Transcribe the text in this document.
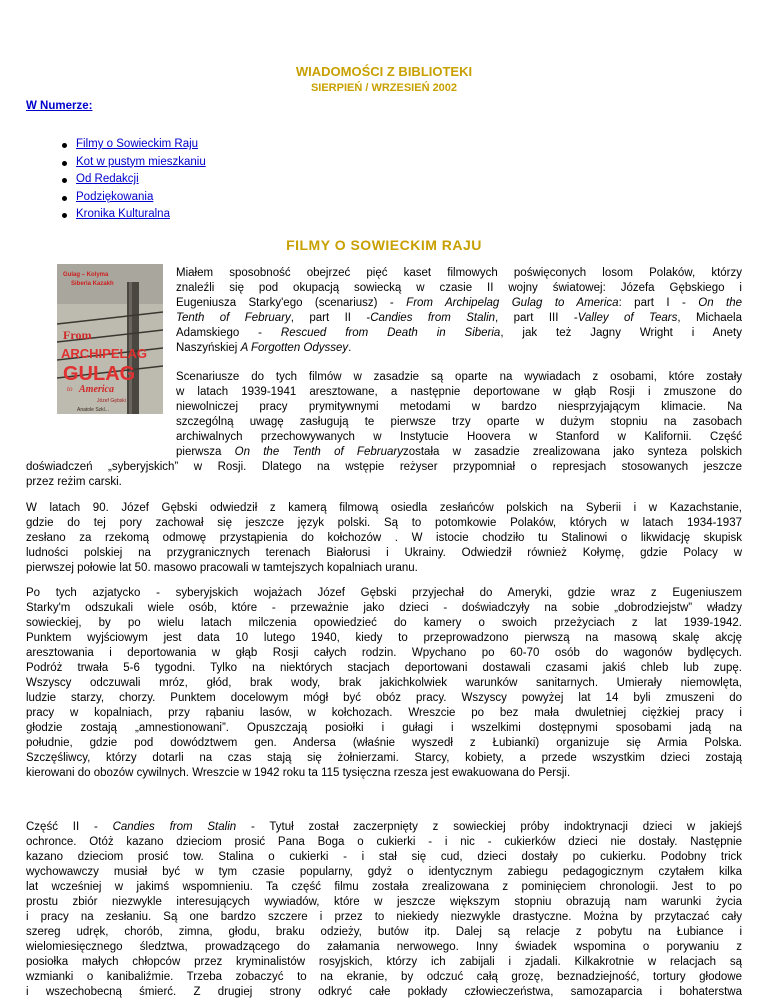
WIADOMOŚCI Z BIBLIOTEKI
SIERPIEŃ / WRZESIEŃ 2002
W Numerze:
Filmy o Sowieckim Raju
Kot w pustym mieszkaniu
Od Redakcji
Podziękowania
Kronika Kulturalna
FILMY O SOWIECKIM RAJU
Gulag – Kolyma
Siberia Kazakh
From
ARCHIPELAG
GULAG
to America
Józef Gębski
Anatole Szkl...
Miałem sposobność obejrzeć pięć kaset filmowych poświęconych losom Polaków, którzy
znaleźli się pod okupacją sowiecką w czasie II wojny światowej: Józefa Gębskiego i
Eugeniusza Starky'ego (scenariusz) - From Archipelag Gulag to America: part I - On the
Tenth of February, part II -Candies from Stalin, part III -Valley of Tears, Michaela
Adamskiego - Rescued from Death in Siberia, jak też Jagny Wright i Anety
Naszyńskiej A Forgotten Odyssey.
Scenariusze do tych filmów w zasadzie są oparte na wywiadach z osobami, które zostały
w latach 1939-1941 aresztowane, a następnie deportowane w głąb Rosji i zmuszone do
niewolniczej pracy prymitywnymi metodami w bardzo niesprzyjającym klimacie. Na
szczególną uwagę zasługują te pierwsze trzy oparte w dużym stopniu na zasobach
archiwalnych przechowywanych w Instytucie Hoovera w Stanford w Kalifornii. Część
pierwsza On the Tenth of Februaryzostała w zasadzie zrealizowana jako synteza polskich
doświadczeń „syberyjskich” w Rosji. Dlatego na wstępie reżyser przypomniał o represjach stosowanych jeszcze
przez reżim carski.
W latach 90. Józef Gębski odwiedził z kamerą filmową osiedla zesłańców polskich na Syberii i w Kazachstanie,
gdzie do tej pory zachował się jeszcze język polski. Są to potomkowie Polaków, których w latach 1934-1937
zesłano za rzekomą odmowę przystąpienia do kołchozów . W istocie chodziło tu Stalinowi o likwidację skupisk
ludności polskiej na przygranicznych terenach Białorusi i Ukrainy. Odwiedził również Kołymę, gdzie Polacy w
pierwszej połowie lat 50. masowo pracowali w tamtejszych kopalniach uranu.
Po tych azjatycko - syberyjskich wojażach Józef Gębski przyjechał do Ameryki, gdzie wraz z Eugeniuszem
Starky'm odszukali wiele osób, które - przeważnie jako dzieci - doświadczyły na sobie „dobrodziejstw” władzy
sowieckiej, by po wielu latach milczenia opowiedzieć do kamery o swoich przeżyciach z lat 1939-1942.
Punktem wyjściowym jest data 10 lutego 1940, kiedy to przeprowadzono pierwszą na masową skalę akcję
aresztowania i deportowania w głąb Rosji całych rodzin. Wpychano po 60-70 osób do wagonów bydlęcych.
Podróż trwała 5-6 tygodni. Tylko na niektórych stacjach deportowani dostawali czasami jakiś chleb lub zupę.
Wszyscy odczuwali mróz, głód, brak wody, brak jakichkolwiek warunków sanitarnych. Umierały niemowlęta,
ludzie starzy, chorzy. Punktem docelowym mógł być obóz pracy. Wszyscy powyżej lat 14 byli zmuszeni do
pracy w kopalniach, przy rąbaniu lasów, w kołchozach. Wreszcie po bez mała dwuletniej ciężkiej pracy i
głodzie zostają „amnestionowani”. Opuszczają posiołki i gułagi i wszelkimi dostępnymi sposobami jadą na
południe, gdzie pod dowództwem gen. Andersa (właśnie wyszedł z Łubianki) organizuje się Armia Polska.
Szczęśliwcy, którzy dotarli na czas stają się żołnierzami. Starcy, kobiety, a przede wszystkim dzieci zostają
kierowani do obozów cywilnych. Wreszcie w 1942 roku ta 115 tysięczna rzesza jest ewakuowana do Persji.
Część II - Candies from Stalin - Tytuł został zaczerpnięty z sowieckiej próby indoktrynacji dzieci w jakiejś
ochronce. Otóż kazano dzieciom prosić Pana Boga o cukierki - i nic - cukierków dzieci nie dostały. Następnie
kazano dzieciom prosić tow. Stalina o cukierki - i stał się cud, dzieci dostały po cukierku. Podobny trick
wychowawczy musiał być w tym czasie popularny, gdyż o identycznym zabiegu pedagogicznym czytałem kilka
lat wcześniej w jakimś wspomnieniu. Ta część filmu została zrealizowana z pominięciem chronologii. Jest to po
prostu zbiór niezwykle interesujących wywiadów, które w jeszcze większym stopniu obrazują nam warunki życia
i pracy na zesłaniu. Są one bardzo szczere i przez to niekiedy niezwykle drastyczne. Można by przytaczać cały
szereg udręk, chorób, zimna, głodu, braku odzieży, butów itp. Dalej są relacje z pobytu na Łubiance i
wielomiesięcznego śledztwa, prowadzącego do załamania nerwowego. Inny świadek wspomina o porywaniu z
posiołka małych chłopców przez kryminalistów rosyjskich, którzy ich zabijali i zjadali. Kilkakrotnie w relacjach są
wzmianki o kanibaliźmie. Trzeba zobaczyć to na ekranie, by odczuć całą grozę, beznadziejność, tortury głodowe
i wszechobecną śmierć. Z drugiej strony odkryć całe pokłady człowieczeństwa, samozaparcia i bohaterstwa
